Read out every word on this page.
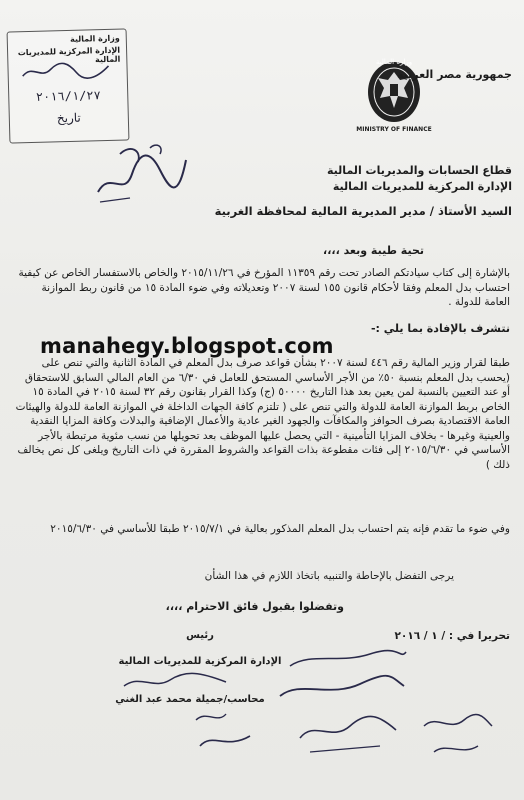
وزارة المالية
الإدارة المركزية للمديريات المالية
٢٠١٦/١/٢٧
تاريخ
وزارة المالية
MINISTRY OF FINANCE
جمهورية مصر العربية
قطاع الحسابات والمديريات المالية
الإدارة المركزية للمديريات المالية
السيد الأستاذ / مدير المديرية المالية لمحافظة الغربية
تحية طيبة وبعد ،،،،
بالإشارة إلى كتاب سيادتكم الصادر تحت رقم ١١٣٥٩ المؤرخ في ٢٠١٥/١١/٢٦ والخاص بالاستفسار الخاص عن كيفية احتساب بدل المعلم وفقا لأحكام قانون ١٥٥ لسنة ٢٠٠٧ وتعديلاته وفي ضوء المادة ١٥ من قانون ربط الموازنة العامة للدولة .
manahegy.blogspot.com
نتشرف بالإفادة بما يلي :-
طبقا لقرار وزير المالية رقم ٤٤٦ لسنة ٢٠٠٧ بشأن قواعد صرف بدل المعلم في المادة الثانية والتي تنص على (يحسب بدل المعلم بنسبة ٥٠٪ من الأجر الأساسي المستحق للعامل في ٦/٣٠ من العام المالي السابق للاستحقاق أو عند التعيين بالنسبة لمن يعين بعد هذا التاريخ ٥٠٠٠٠ (ج) وكذا القرار بقانون رقم ٣٢ لسنة ٢٠١٥ في المادة ١٥ الخاص بربط الموازنة العامة للدولة والتي تنص على ( تلتزم كافة الجهات الداخلة في الموازنة العامة للدولة والهيئات العامة الاقتصادية بصرف الحوافز والمكافآت والجهود الغير عادية والأعمال الإضافية والبدلات وكافة المزايا النقدية والعينية وغيرها - بخلاف المزايا التأمينية - التي يحصل عليها الموظف بعد تحويلها من نسب مئوية مرتبطة بالأجر الأساسي في ٢٠١٥/٦/٣٠ إلى فئات مقطوعة بذات القواعد والشروط المقررة في ذات التاريخ ويلغى كل نص يخالف ذلك )
وفي ضوء ما تقدم فإنه يتم احتساب بدل المعلم المذكور بعالية في ٢٠١٥/٧/١ طبقا للأساسي في ٢٠١٥/٦/٣٠
يرجى التفضل بالإحاطة والتنبيه باتخاذ اللازم في هذا الشأن
وتفضلوا بقبول فائق الاحترام ،،،،
تحريرا في : / ١ / ٢٠١٦
رئيس
الإدارة المركزية للمديريات المالية
محاسب/جميلة محمد عبد الغني
